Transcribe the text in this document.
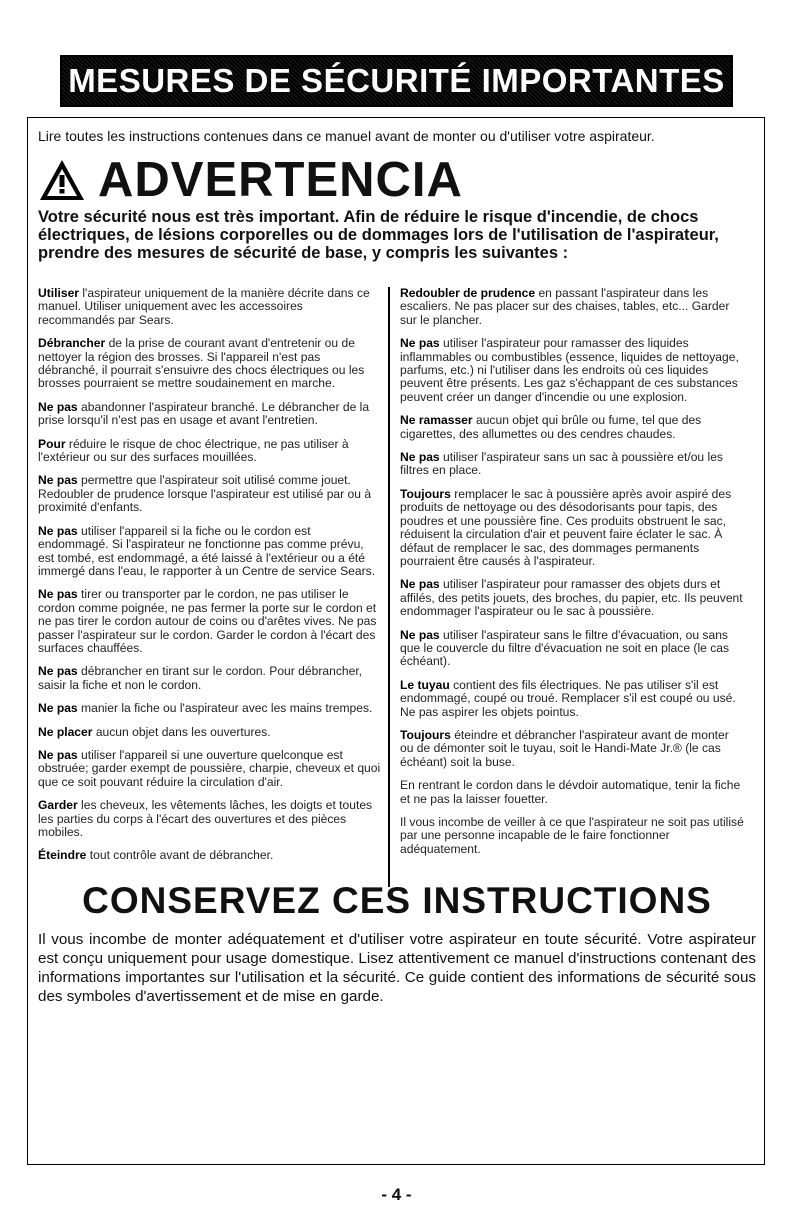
MESURES DE SÉCURITÉ IMPORTANTES
Lire toutes les instructions contenues dans ce manuel avant de monter ou d'utiliser votre aspirateur.
ADVERTENCIA
Votre sécurité nous est très important. Afin de réduire le risque d'incendie, de chocs électriques, de lésions corporelles ou de dommages lors de l'utilisation de l'aspirateur, prendre des mesures de sécurité de base, y compris les suivantes :

Utiliser l'aspirateur uniquement de la manière décrite dans ce manuel. Utiliser uniquement avec les accessoires recommandés par Sears.

Débrancher de la prise de courant avant d'entretenir ou de nettoyer la région des brosses. Si l'appareil n'est pas débranché, il pourrait s'ensuivre des chocs électriques ou les brosses pourraient se mettre soudainement en marche.

Ne pas abandonner l'aspirateur branché. Le débrancher de la prise lorsqu'il n'est pas en usage et avant l'entretien.

Pour réduire le risque de choc électrique, ne pas utiliser à l'extérieur ou sur des surfaces mouillées.

Ne pas permettre que l'aspirateur soit utilisé comme jouet. Redoubler de prudence lorsque l'aspirateur est utilisé par ou à proximité d'enfants.

Ne pas utiliser l'appareil si la fiche ou le cordon est endommagé. Si l'aspirateur ne fonctionne pas comme prévu, est tombé, est endommagé, a été laissé à l'extérieur ou a été immergé dans l'eau, le rapporter à un Centre de service Sears.

Ne pas tirer ou transporter par le cordon, ne pas utiliser le cordon comme poignée, ne pas fermer la porte sur le cordon et ne pas tirer le cordon autour de coins ou d'arêtes vives. Ne pas passer l'aspirateur sur le cordon. Garder le cordon à l'écart des surfaces chauffées.

Ne pas débrancher en tirant sur le cordon. Pour débrancher, saisir la fiche et non le cordon.

Ne pas manier la fiche ou l'aspirateur avec les mains trempes.

Ne placer aucun objet dans les ouvertures.

Ne pas utiliser l'appareil si une ouverture quelconque est obstruée; garder exempt de poussière, charpie, cheveux et quoi que ce soit pouvant réduire la circulation d'air.

Garder les cheveux, les vêtements lâches, les doigts et toutes les parties du corps à l'écart des ouvertures et des pièces mobiles.

Éteindre tout contrôle avant de débrancher.

Redoubler de prudence en passant l'aspirateur dans les escaliers. Ne pas placer sur des chaises, tables, etc... Garder sur le plancher.

Ne pas utiliser l'aspirateur pour ramasser des liquides inflammables ou combustibles (essence, liquides de nettoyage, parfums, etc.) ni l'utiliser dans les endroits où ces liquides peuvent être présents. Les gaz s'échappant de ces substances peuvent créer un danger d'incendie ou une explosion.

Ne ramasser aucun objet qui brûle ou fume, tel que des cigarettes, des allumettes ou des cendres chaudes.

Ne pas utiliser l'aspirateur sans un sac à poussière et/ou les filtres en place.

Toujours remplacer le sac à poussière après avoir aspiré des produits de nettoyage ou des désodorisants pour tapis, des poudres et une poussière fine. Ces produits obstruent le sac, réduisent la circulation d'air et peuvent faire éclater le sac. À défaut de remplacer le sac, des dommages permanents pourraient être causés à l'aspirateur.

Ne pas utiliser l'aspirateur pour ramasser des objets durs et affilés, des petits jouets, des broches, du papier, etc. Ils peuvent endommager l'aspirateur ou le sac à poussière.

Ne pas utiliser l'aspirateur sans le filtre d'évacuation, ou sans que le couvercle du filtre d'évacuation ne soit en place (le cas échéant).

Le tuyau contient des fils électriques. Ne pas utiliser s'il est endommagé, coupé ou troué. Remplacer s'il est coupé ou usé. Ne pas aspirer les objets pointus.

Toujours éteindre et débrancher l'aspirateur avant de monter ou de démonter soit le tuyau, soit le Handi-Mate Jr.® (le cas échéant) soit la buse.

En rentrant le cordon dans le dévdoir automatique, tenir la fiche et ne pas la laisser fouetter.

Il vous incombe de veiller à ce que l'aspirateur ne soit pas utilisé par une personne incapable de le faire fonctionner adéquatement.

CONSERVEZ CES INSTRUCTIONS
Il vous incombe de monter adéquatement et d'utiliser votre aspirateur en toute sécurité. Votre aspirateur est conçu uniquement pour usage domestique. Lisez attentivement ce manuel d'instructions contenant des informations importantes sur l'utilisation et la sécurité. Ce guide contient des informations de sécurité sous des symboles d'avertissement et de mise en garde.
- 4 -
